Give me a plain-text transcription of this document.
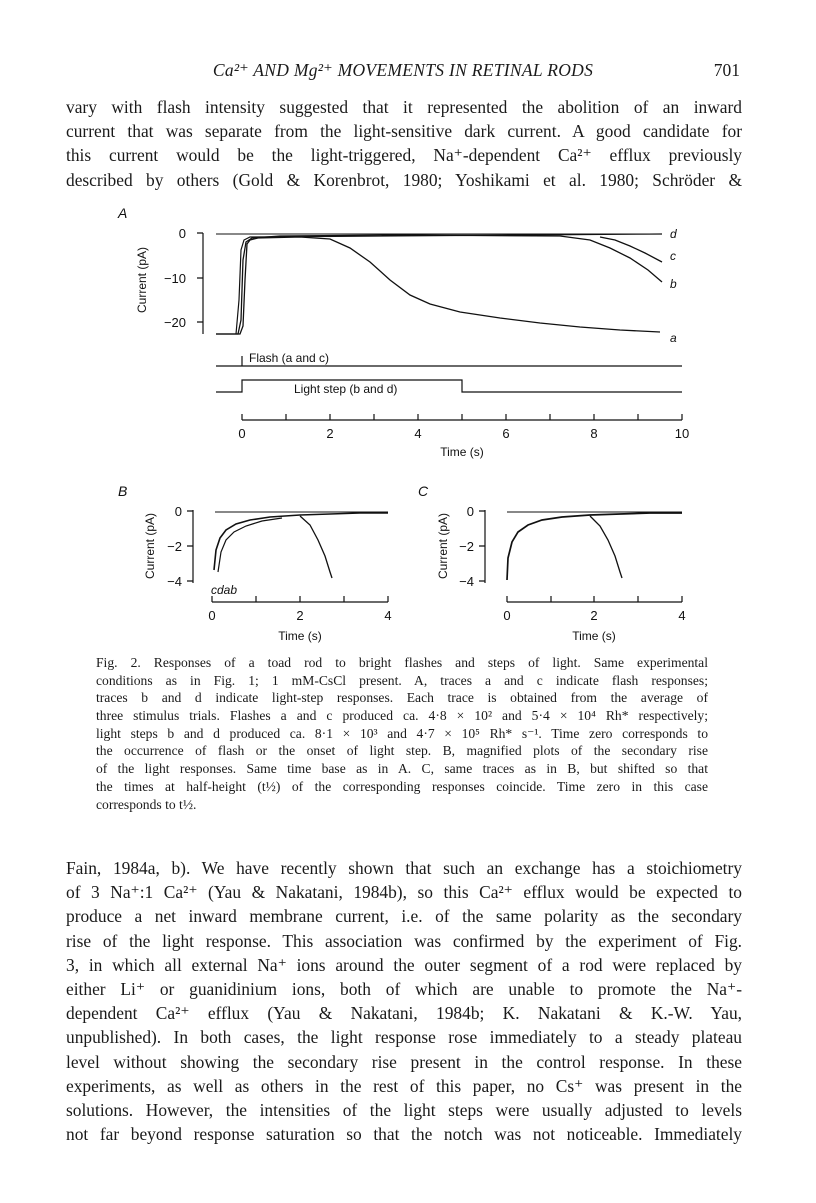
Ca²⁺ AND Mg²⁺ MOVEMENTS IN RETINAL RODS	701
vary with flash intensity suggested that it represented the abolition of an inward
current that was separate from the light-sensitive dark current. A good candidate for
this current would be the light-triggered, Na⁺-dependent Ca²⁺ efflux previously
described by others (Gold & Korenbrot, 1980; Yoshikami et al. 1980; Schröder &
A
0
−10
−20
Current (pA)
d
c
b
a
Flash (a and c)
Light step (b and d)
0	2	4	6	8	10
Time (s)
B
0
−2
−4
Current (pA)
cdab
0	2	4
Time (s)
C
0
−2
−4
Current (pA)
0	2	4
Time (s)
Fig. 2. Responses of a toad rod to bright flashes and steps of light. Same experimental
conditions as in Fig. 1; 1 mM-CsCl present. A, traces a and c indicate flash responses;
traces b and d indicate light-step responses. Each trace is obtained from the average of
three stimulus trials. Flashes a and c produced ca. 4·8 × 10² and 5·4 × 10⁴ Rh* respectively;
light steps b and d produced ca. 8·1 × 10³ and 4·7 × 10⁵ Rh* s⁻¹. Time zero corresponds to
the occurrence of flash or the onset of light step. B, magnified plots of the secondary rise
of the light responses. Same time base as in A. C, same traces as in B, but shifted so that
the times at half-height (t½) of the corresponding responses coincide. Time zero in this case
corresponds to t½.
Fain, 1984a, b). We have recently shown that such an exchange has a stoichiometry
of 3 Na⁺:1 Ca²⁺ (Yau & Nakatani, 1984b), so this Ca²⁺ efflux would be expected to
produce a net inward membrane current, i.e. of the same polarity as the secondary
rise of the light response. This association was confirmed by the experiment of Fig.
3, in which all external Na⁺ ions around the outer segment of a rod were replaced by
either Li⁺ or guanidinium ions, both of which are unable to promote the Na⁺-
dependent Ca²⁺ efflux (Yau & Nakatani, 1984b; K. Nakatani & K.-W. Yau,
unpublished). In both cases, the light response rose immediately to a steady plateau
level without showing the secondary rise present in the control response. In these
experiments, as well as others in the rest of this paper, no Cs⁺ was present in the
solutions. However, the intensities of the light steps were usually adjusted to levels
not far beyond response saturation so that the notch was not noticeable. Immediately
